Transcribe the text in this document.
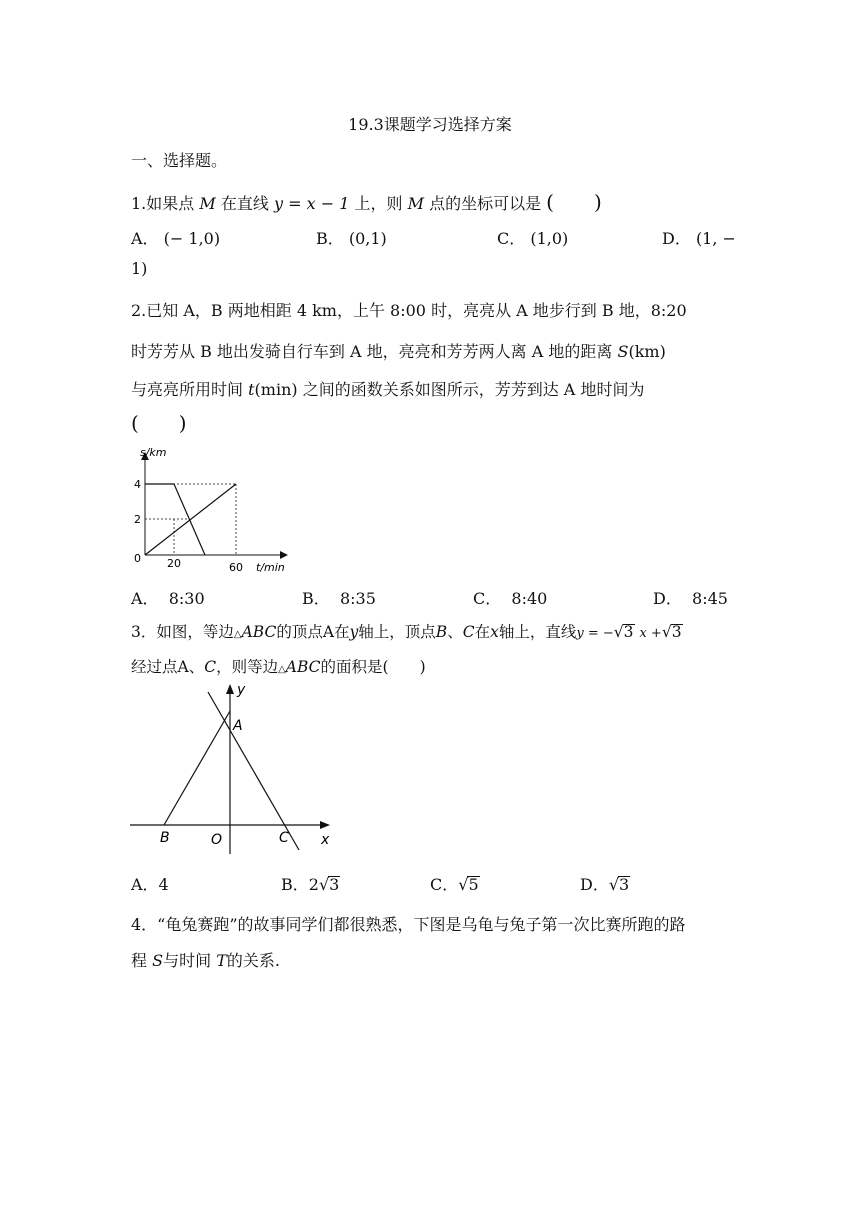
19.3课题学习选择方案
一、选择题。
1.如果点 M 在直线 y = x − 1 上，则 M 点的坐标可以是 (　　)
A． (− 1,0)	B． (0,1)	C． (1,0)	D． (1, −
1)
2.已知 A，B 两地相距 4 km，上午 8:00 时，亮亮从 A 地步行到 B 地，8:20
时芳芳从 B 地出发骑自行车到 A 地，亮亮和芳芳两人离 A 地的距离 S(km)
与亮亮所用时间 t(min) 之间的函数关系如图所示，芳芳到达 A 地时间为
(　　)
s/km
t/min
4
2
0 20	60
A． 8:30	B． 8:35	C． 8:40	D． 8:45
3．如图，等边△ABC的顶点A在y轴上，顶点B、C在x轴上，直线y = −√3 x +√3
经过点A、C，则等边△ABC的面积是(　　)
y
A
B	O	C x
A．4	B．2√3	C．√5	D．√3
4．“龟兔赛跑”的故事同学们都很熟悉，下图是乌龟与兔子第一次比赛所跑的路
程 S与时间 T的关系.
